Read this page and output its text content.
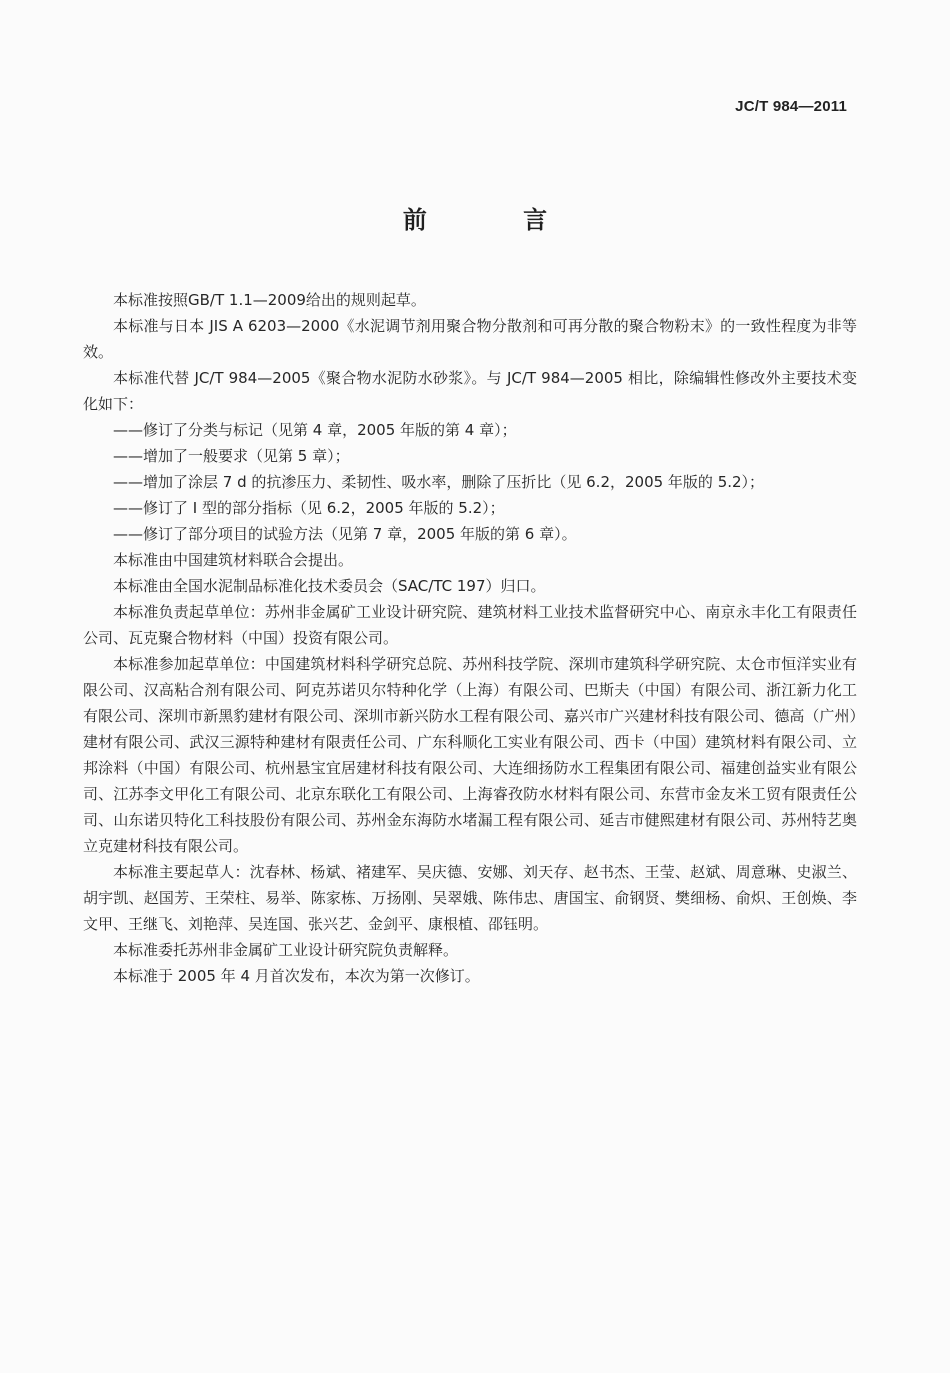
JC/T 984—2011
前 言

本标准按照GB/T 1.1—2009给出的规则起草。

本标准与日本 JIS A 6203—2000《水泥调节剂用聚合物分散剂和可再分散的聚合物粉末》的一致性程度为非等效。

本标准代替 JC/T 984—2005《聚合物水泥防水砂浆》。与 JC/T 984—2005 相比，除编辑性修改外主要技术变化如下：

——修订了分类与标记（见第 4 章，2005 年版的第 4 章）；

——增加了一般要求（见第 5 章）；

——增加了涂层 7 d 的抗渗压力、柔韧性、吸水率，删除了压折比（见 6.2，2005 年版的 5.2）；

——修订了 I 型的部分指标（见 6.2，2005 年版的 5.2）；

——修订了部分项目的试验方法（见第 7 章，2005 年版的第 6 章）。

本标准由中国建筑材料联合会提出。

本标准由全国水泥制品标准化技术委员会（SAC/TC 197）归口。

本标准负责起草单位：苏州非金属矿工业设计研究院、建筑材料工业技术监督研究中心、南京永丰化工有限责任公司、瓦克聚合物材料（中国）投资有限公司。

本标准参加起草单位：中国建筑材料科学研究总院、苏州科技学院、深圳市建筑科学研究院、太仓市恒洋实业有限公司、汉高粘合剂有限公司、阿克苏诺贝尔特种化学（上海）有限公司、巴斯夫（中国）有限公司、浙江新力化工有限公司、深圳市新黑豹建材有限公司、深圳市新兴防水工程有限公司、嘉兴市广兴建材科技有限公司、德高（广州）建材有限公司、武汉三源特种建材有限责任公司、广东科顺化工实业有限公司、西卡（中国）建筑材料有限公司、立邦涂料（中国）有限公司、杭州悬宝宜居建材科技有限公司、大连细扬防水工程集团有限公司、福建创益实业有限公司、江苏李文甲化工有限公司、北京东联化工有限公司、上海睿孜防水材料有限公司、东营市金友米工贸有限责任公司、山东诺贝特化工科技股份有限公司、苏州金东海防水堵漏工程有限公司、延吉市健熙建材有限公司、苏州特艺奥立克建材科技有限公司。

本标准主要起草人：沈春林、杨斌、褚建军、吴庆德、安娜、刘天存、赵书杰、王莹、赵斌、周意琳、史淑兰、胡宇凯、赵国芳、王荣柱、易举、陈家栋、万扬刚、吴翠娥、陈伟忠、唐国宝、俞钢贤、樊细杨、俞炽、王创焕、李文甲、王继飞、刘艳萍、吴连国、张兴艺、金剑平、康根植、邵钰明。

本标准委托苏州非金属矿工业设计研究院负责解释。

本标准于 2005 年 4 月首次发布，本次为第一次修订。
